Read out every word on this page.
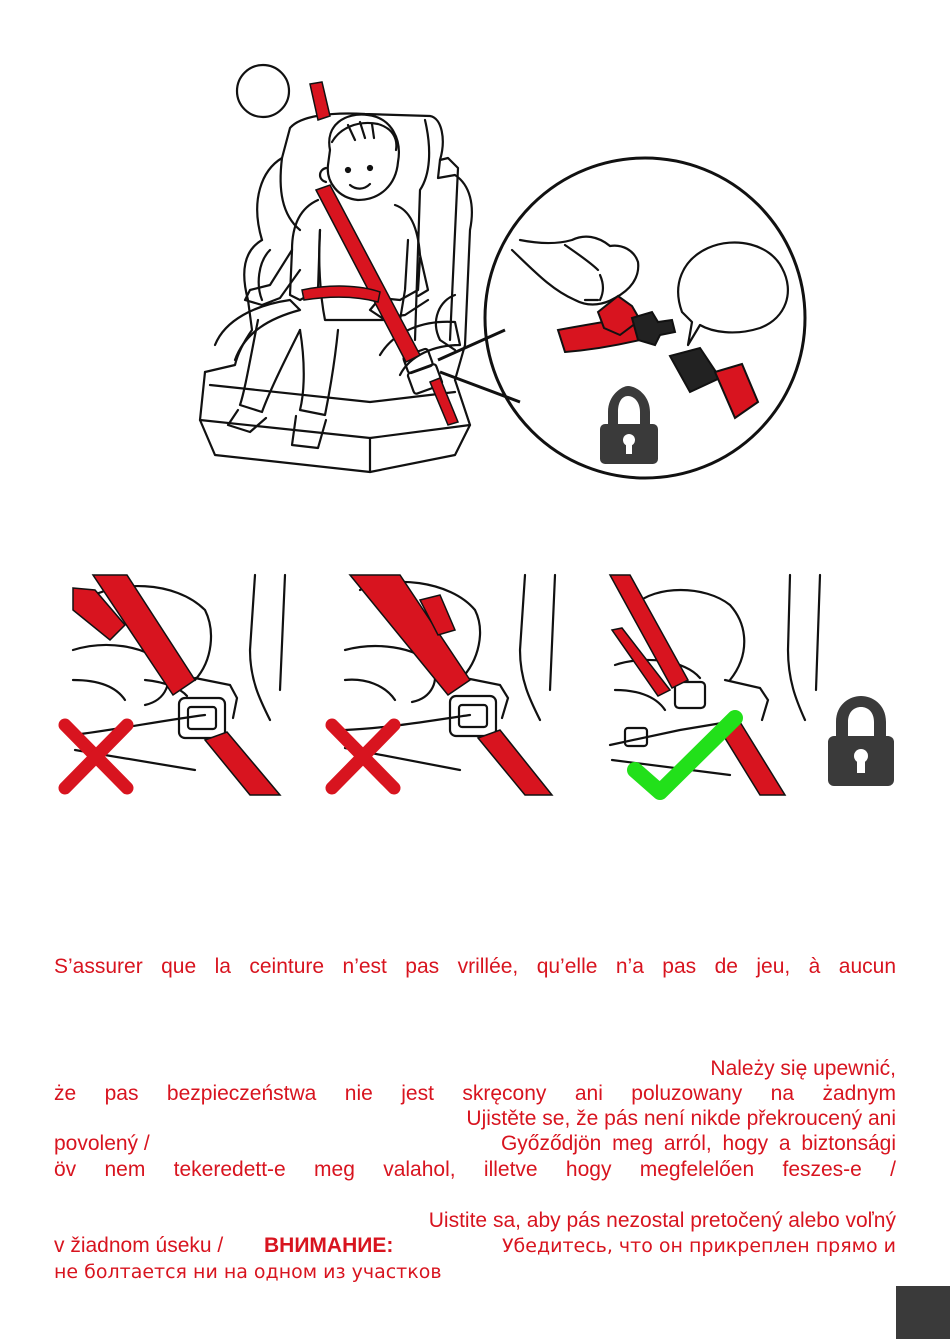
S’assurer que la ceinture n’est pas vrillée, qu’elle n’a pas de jeu, à aucun
Należy się upewnić,
że pas bezpieczeństwa nie jest skręcony ani poluzowany na żadnym
Ujistěte se, že pás není nikde překroucený ani
povolený /	Győződjön meg arról, hogy a biztonsági
öv nem tekeredett-e meg valahol, illetve hogy megfelelően feszes-e /
Uistite sa, aby pás nezostal pretočený alebo voľný
v žiadnom úseku / ВНИМАНИЕ:	Убедитесь, что он прикреплен прямо и
не болтается ни на одном из участков
